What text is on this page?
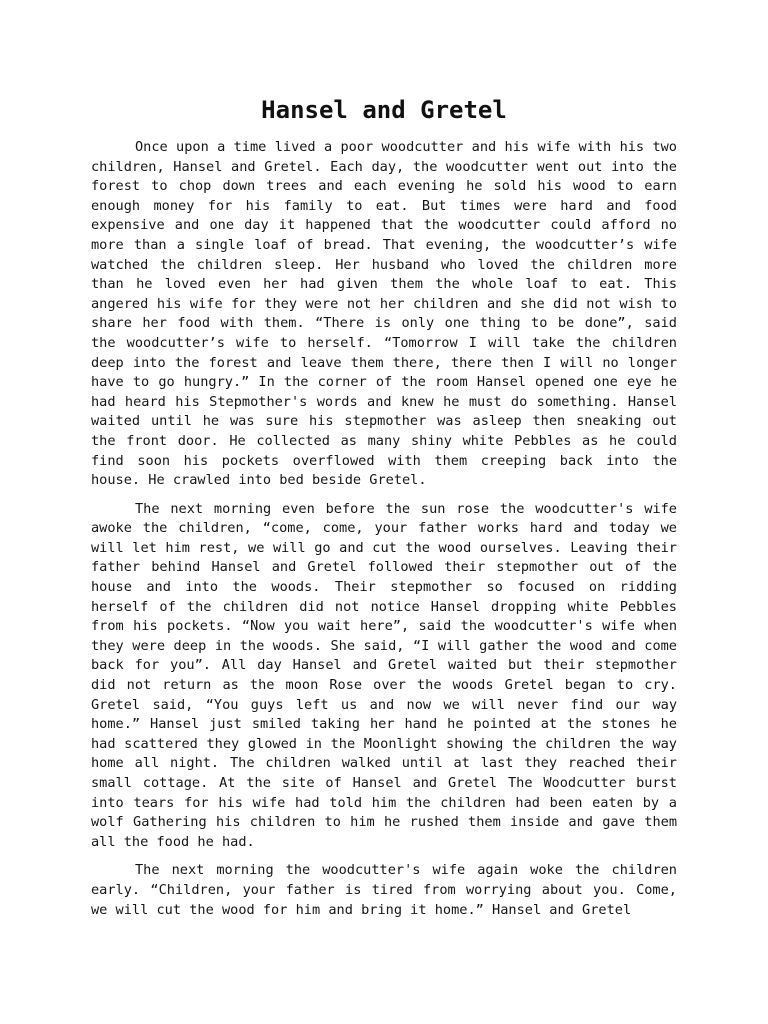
Hansel and Gretel

Once upon a time lived a poor woodcutter and his wife with his two children, Hansel and Gretel. Each day, the woodcutter went out into the forest to chop down trees and each evening he sold his wood to earn enough money for his family to eat. But times were hard and food expensive and one day it happened that the woodcutter could afford no more than a single loaf of bread. That evening, the woodcutter’s wife watched the children sleep. Her husband who loved the children more than he loved even her had given them the whole loaf to eat. This angered his wife for they were not her children and she did not wish to share her food with them. “There is only one thing to be done”, said the woodcutter’s wife to herself. “Tomorrow I will take the children deep into the forest and leave them there, there then I will no longer have to go hungry.” In the corner of the room Hansel opened one eye he had heard his Stepmother's words and knew he must do something. Hansel waited until he was sure his stepmother was asleep then sneaking out the front door. He collected as many shiny white Pebbles as he could find soon his pockets overflowed with them creeping back into the house. He crawled into bed beside Gretel.

The next morning even before the sun rose the woodcutter's wife awoke the children, “come, come, your father works hard and today we will let him rest, we will go and cut the wood ourselves. Leaving their father behind Hansel and Gretel followed their stepmother out of the house and into the woods. Their stepmother so focused on ridding herself of the children did not notice Hansel dropping white Pebbles from his pockets. “Now you wait here”, said the woodcutter's wife when they were deep in the woods. She said, “I will gather the wood and come back for you”. All day Hansel and Gretel waited but their stepmother did not return as the moon Rose over the woods Gretel began to cry. Gretel said, “You guys left us and now we will never find our way home.” Hansel just smiled taking her hand he pointed at the stones he had scattered they glowed in the Moonlight showing the children the way home all night. The children walked until at last they reached their small cottage. At the site of Hansel and Gretel The Woodcutter burst into tears for his wife had told him the children had been eaten by a wolf Gathering his children to him he rushed them inside and gave them all the food he had.

The next morning the woodcutter's wife again woke the children early. “Children, your father is tired from worrying about you. Come, we will cut the wood for him and bring it home.” Hansel and Gretel
